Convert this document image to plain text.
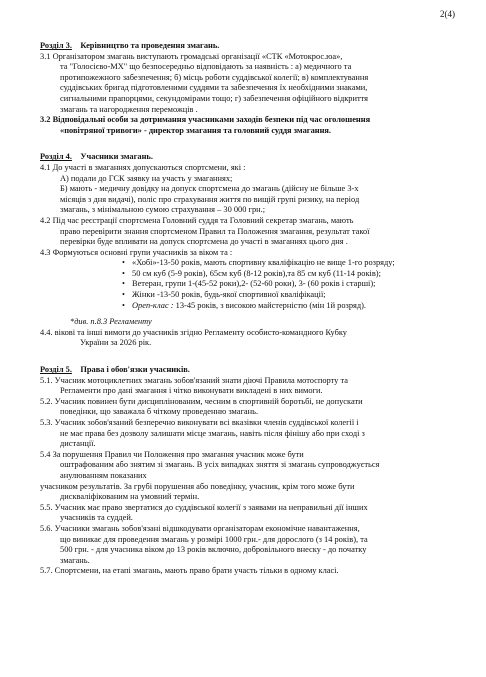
2(4)
Розділ 3. Керівництво та проведення змагань.
3.1 Організатором змагань виступають громадські організації «СТК «Мотокрос.юа»,
та "Голосієво-МХ" що безпосередньо відповідають за наявність : а) медичного та
протипожежного забезпечення; б) місць роботи суддівської колегії; в) комплектування
суддівських бригад підготовленими суддями та забезпечення їх необхідними знаками,
сигнальними прапорцями, секундомірами тощо; г) забезпечення офіційного відкриття
змагань та нагородження переможців .
3.2 Відповідальні особи за дотримання учасниками заходів безпеки під час оголошення
«повітряної тривоги» - директор змагання та головний суддя змагання.
Розділ 4. Учасники змагань.
4.1 До участі в змаганнях допускаються спортсмени, які :
А) подали до ГСК заявку на участь у змаганнях;
Б) мають - медичну довідку на допуск спортсмена до змагань (дійсну не більше 3-х
місяців з дня видачі), поліс про страхування життя по вищій групі ризику, на період
змагань, з мінімальною сумою страхування – 30 000 грн.;
4.2 Під час реєстрації спортсмена Головний суддя та Головний секретар змагань, мають
право перевірити знання спортсменом Правил та Положення змагання, результат такої
перевірки буде впливати на допуск спортсмена до участі в змаганнях цього дня .
4.3 Формуються основні групи учасників за віком та :
• «Хобі»-13-50 років, мають спортивну кваліфікацію не вище 1-го розряду;
• 50 см куб (5-9 років), 65см куб (8-12 років),та 85 см куб (11-14 років);
• Ветеран, групи 1-(45-52 роки),2- (52-60 роки), 3- (60 років і старші);
• Жінки -13-50 років, будь-якої спортивної кваліфікації;
• Open-клас : 13-45 років, з високою майстерністю (мін 1й розряд).
*див. п.8.3 Регламенту
4.4. вікові та інші вимоги до учасників згідно Регламенту особисто-командного Кубку
України за 2026 рік.
Розділ 5. Права і обов'язки учасників.
5.1. Учасник мотоциклетних змагань зобов'язаний знати діючі Правила мотоспорту та
Регламенти про дані змагання і чітко виконувати викладені в них вимоги.
5.2. Учасник повинен бути дисциплінованим, чесним в спортивній боротьбі, не допускати
поведінки, що заважала б чіткому проведенню змагань.
5.3. Учасник зобов'язаний безперечно виконувати всі вказівки членів суддівської колегії і
не має права без дозволу залишати місце змагань, навіть після фінішу або при сході з
дистанції.
5.4 За порушення Правил чи Положення про змагання учасник може бути
оштрафованим або знятим зі змагань. В усіх випадках зняття зі змагань супроводжується
анулюванням показаних
учасником результатів. За грубі порушення або поведінку, учасник, крім того може бути
дискваліфікованим на умовний термін.
5.5. Учасник має право звертатися до суддівської колегії з заявами на неправильні дії інших
учасників та суддей.
5.6. Учасники змагань зобов'язані відшкодувати організаторам економічне навантаження,
що виникає для проведення змагань у розмірі 1000 грн.- для дорослого (з 14 років), та
500 грн. - для учасника віком до 13 років включно, добровільного внеску - до початку
змагань.
5.7. Спортсмени, на етапі змагань, мають право брати участь тільки в одному класі.
